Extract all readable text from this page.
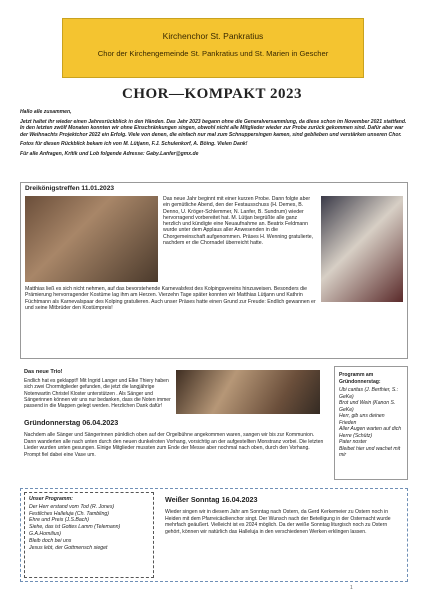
Kirchenchor St. Pankratius
Chor der Kirchengemeinde St. Pankratius und St. Marien in Gescher
CHOR—KOMPAKT 2023

Hallo alle zusammen,

Jetzt haltet ihr wieder einen Jahresrückblick in den Händen. Das Jahr 2023 begann ohne die Generalversammlung, da diese schon im November 2021 stattfand. In den letzten zwölf Monaten konnten wir ohne Einschränkungen singen, obwohl nicht alle Mitglieder wieder zur Probe zurück gekommen sind. Dafür aber war der Weihnachts Projektchor 2022 ein Erfolg. Viele von denen, die einfach nur mal zum Schnuppersingen kamen, sind geblieben und verstärken unseren Chor.

Fotos für diesen Rückblick bekam ich von M. Lütjann, F.J. Schulenkorf, A. Böing. Vielen Dank!

Für alle Anfragen, Kritik und Lob folgende Adresse: Gaby.Lanfer@gmx.de

Dreikönigstreffen 11.01.2023
Das neue Jahr beginnt mit einer kurzen Probe. Dann folgte aber ein gemütliche Abend, den der Festausschuss (H. Demes, B. Denno, U. Kröger-Schlemmer, N. Lanfer, B. Sundrum) wieder hervorragend vorbereitet hat. M. Lütjan begrüßte alle ganz herzlich und kündigte eine Neuaufnahme an. Beatrix Feldmann wurde unter dem Applaus aller Anwesenden in die Chorgemeinschaft aufgenommen. Präses H. Wenning gratulierte, nachdem er die Chornadel überreicht hatte.
Matthias ließ es sich nicht nehmen, auf das bevorstehende Karnevalsfest des Kolpingsvereins hinzuweisen. Besonders die Prämierung hervorragender Kostüme lag ihm am Herzen. Vierzehn Tage später konnten wir Matthias Lütjann und Kathrin Füchtmann als Karnevalspaar des Kolping gratulieren. Auch unser Präses hatte einen Grund zur Freude: Endlich gewannen er und seine Mitbrüder den Kostümpreis!
Das neue Trio!
Endlich hat es geklappt!! Mit Ingrid Langer und Elke Thiery haben sich zwei Chormitglieder gefunden, die jetzt die langjährige Notenwartin Christel Kloster unterstützen . Als Sänger und Sängerinnen können wir uns nur bedanken, dass die Noten immer passend in die Mappen gelegt werden. Herzlichen Dank dafür!
Gründonnerstag 06.04.2023
Nachdem alle Sänger und Sängerinnen pünktlich oben auf der Orgelbühne angekommen waren, sangen wir bis zur Kommunion. Dann wanderten alle nach unten durch den neuen dunkelroten Vorhang, vorsichtig an der aufgestellten Monstranz vorbei. Die letzten Lieder wurden unten gesungen. Einige Mitglieder mussten zum Ende der Messe aber nochmal nach oben, durch den Vorhang. Prompt fiel dabei eine Vase um.
Programm am Gründonnerstag:
Ubi caritas (J. Berthier, S.: GeKe)
Brot und Wein (Kanon S. GeKe)
Herr, gib uns deinen Frieden
Aller Augen warten auf dich Herre (Schütz)
Pater noster
Bleibet hier und wachet mit mir
Unser Programm:
Der Herr erstand vom Tod (R. Jones)
Festliches Halleluja (Ch. Tambling)
Ehre und Preis (J.S.Bach)
Siehe, das ist Gottes Lamm (Telemann)
G.A.Homilius)
Bleib doch bei uns
Jesus lebt, der Gottmensch sieget
Weißer Sonntag 16.04.2023
Wieder singen wir in diesem Jahr am Sonntag nach Ostern, da Gerd Kerkemeier zu Ostern noch in Heiden mit dem Pfarreicäcilienchor singt. Der Wunsch nach der Beteiligung in der Osternacht wurde mehrfach geäußert. Vielleicht ist es 2024 möglich. Da der weiße Sonntag liturgisch noch zu Ostern gehört, können wir natürlich das Halleluja in den verschiedenen Werken erklingen lassen.
1
